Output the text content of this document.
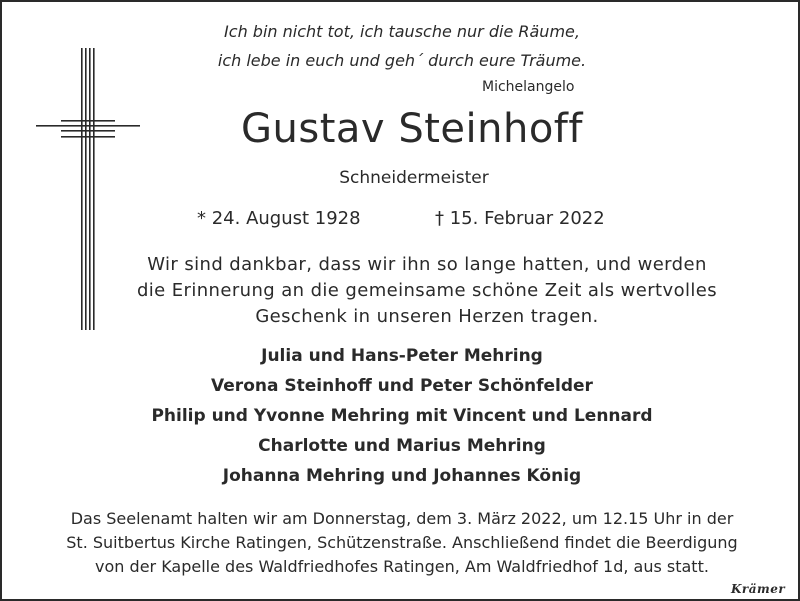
Ich bin nicht tot, ich tausche nur die Räume,
ich lebe in euch und geh´ durch eure Träume.
Michelangelo
Gustav Steinhoff
Schneidermeister
* 24. August 1928	† 15. Februar 2022
Wir sind dankbar, dass wir ihn so lange hatten, und werden
die Erinnerung an die gemeinsame schöne Zeit als wertvolles
Geschenk in unseren Herzen tragen.
Julia und Hans-Peter Mehring
Verona Steinhoff und Peter Schönfelder
Philip und Yvonne Mehring mit Vincent und Lennard
Charlotte und Marius Mehring
Johanna Mehring und Johannes König
Das Seelenamt halten wir am Donnerstag, dem 3. März 2022, um 12.15 Uhr in der
St. Suitbertus Kirche Ratingen, Schützenstraße. Anschließend findet die Beerdigung
von der Kapelle des Waldfriedhofes Ratingen, Am Waldfriedhof 1d, aus statt.
Krämer
